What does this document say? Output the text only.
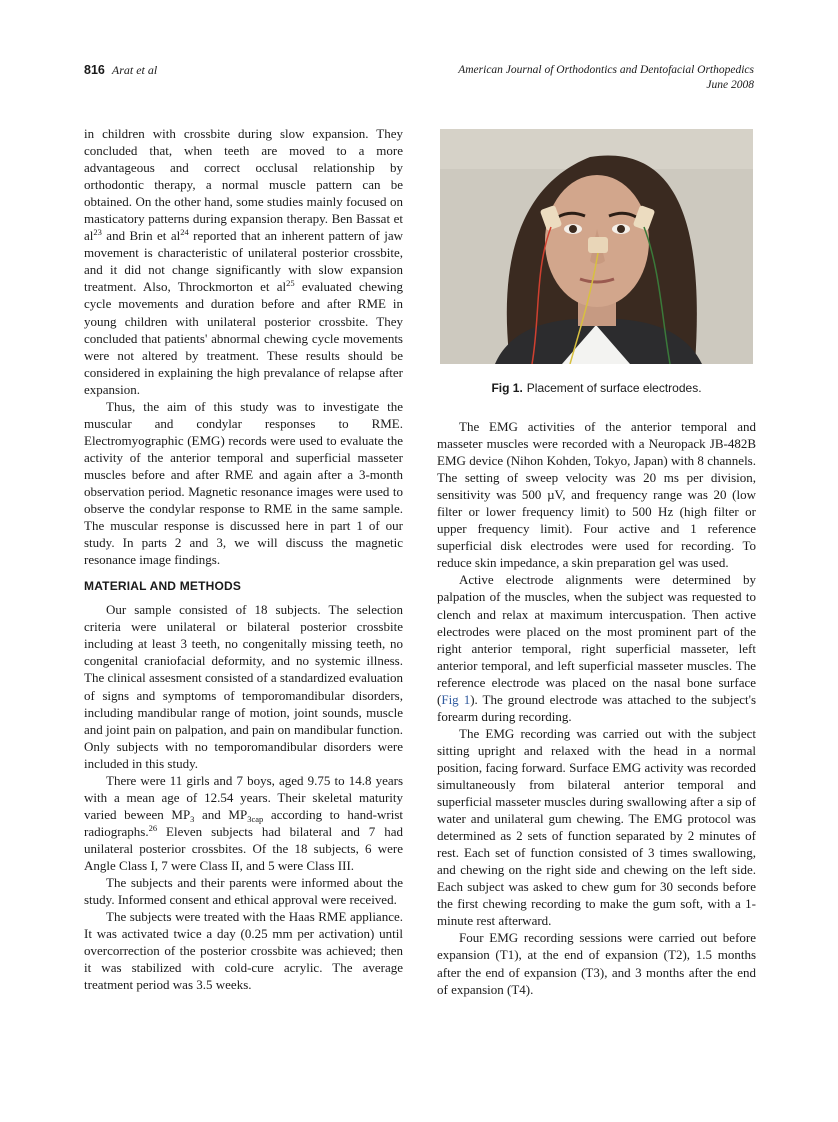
816 Arat et al	American Journal of Orthodontics and Dentofacial Orthopedics
June 2008

in children with crossbite during slow expansion. They concluded that, when teeth are moved to a more advantageous and correct occlusal relationship by orthodontic therapy, a normal muscle pattern can be obtained. On the other hand, some studies mainly focused on masticatory patterns during expansion therapy. Ben Bassat et $al^{23}$ and Brin et $al^{24}$ reported that an inherent pattern of jaw movement is characteristic of unilateral posterior crossbite, and it did not change significantly with slow expansion treatment. Also, Throckmorton et $al^{25}$ evaluated chewing cycle movements and duration before and after RME in young children with unilateral posterior crossbite. They concluded that patients' abnormal chewing cycle movements were not altered by treatment. These results should be considered in explaining the high prevalance of relapse after expansion.

Thus, the aim of this study was to investigate the muscular and condylar responses to RME. Electromyographic (EMG) records were used to evaluate the activity of the anterior temporal and superficial masseter muscles before and after RME and again after a 3-month observation period. Magnetic resonance images were used to observe the condylar response to RME in the same sample. The muscular response is discussed here in part 1 of our study. In parts 2 and 3, we will discuss the magnetic resonance image findings.

MATERIAL AND METHODS

Our sample consisted of 18 subjects. The selection criteria were unilateral or bilateral posterior crossbite including at least 3 teeth, no congenitally missing teeth, no congenital craniofacial deformity, and no systemic illness. The clinical assesment consisted of a standardized evaluation of signs and symptoms of temporomandibular disorders, including mandibular range of motion, joint sounds, muscle and joint pain on palpation, and pain on mandibular function. Only subjects with no temporomandibular disorders were included in this study.

There were 11 girls and 7 boys, aged 9.75 to 14.8 years with a mean age of 12.54 years. Their skeletal maturity varied beween $MP_3$ and $MP_{3cap}$ according to hand-wrist radiographs.$^{26}$ Eleven subjects had bilateral and 7 had unilateral posterior crossbites. Of the 18 subjects, 6 were Angle Class I, 7 were Class II, and 5 were Class III.

The subjects and their parents were informed about the study. Informed consent and ethical approval were received.

The subjects were treated with the Haas RME appliance. It was activated twice a day (0.25 mm per activation) until overcorrection of the posterior crossbite was achieved; then it was stabilized with cold-cure acrylic. The average treatment period was 3.5 weeks.

Fig 1. Placement of surface electrodes.

The EMG activities of the anterior temporal and masseter muscles were recorded with a Neuropack JB-482B EMG device (Nihon Kohden, Tokyo, Japan) with 8 channels. The setting of sweep velocity was 20 ms per division, sensitivity was 500 µV, and frequency range was 20 (low filter or lower frequency limit) to 500 Hz (high filter or upper frequency limit). Four active and 1 reference superficial disk electrodes were used for recording. To reduce skin impedance, a skin preparation gel was used.

Active electrode alignments were determined by palpation of the muscles, when the subject was requested to clench and relax at maximum intercuspation. Then active electrodes were placed on the most prominent part of the right anterior temporal, right superficial masseter, left anterior temporal, and left superficial masseter muscles. The reference electrode was placed on the nasal bone surface (Fig 1). The ground electrode was attached to the subject's forearm during recording.

The EMG recording was carried out with the subject sitting upright and relaxed with the head in a normal position, facing forward. Surface EMG activity was recorded simultaneously from bilateral anterior temporal and superficial masseter muscles during swallowing after a sip of water and unilateral gum chewing. The EMG protocol was determined as 2 sets of function separated by 2 minutes of rest. Each set of function consisted of 3 times swallowing, and chewing on the right side and chewing on the left side. Each subject was asked to chew gum for 30 seconds before the first chewing recording to make the gum soft, with a 1-minute rest afterward.

Four EMG recording sessions were carried out before expansion (T1), at the end of expansion (T2), 1.5 months after the end of expansion (T3), and 3 months after the end of expansion (T4).
